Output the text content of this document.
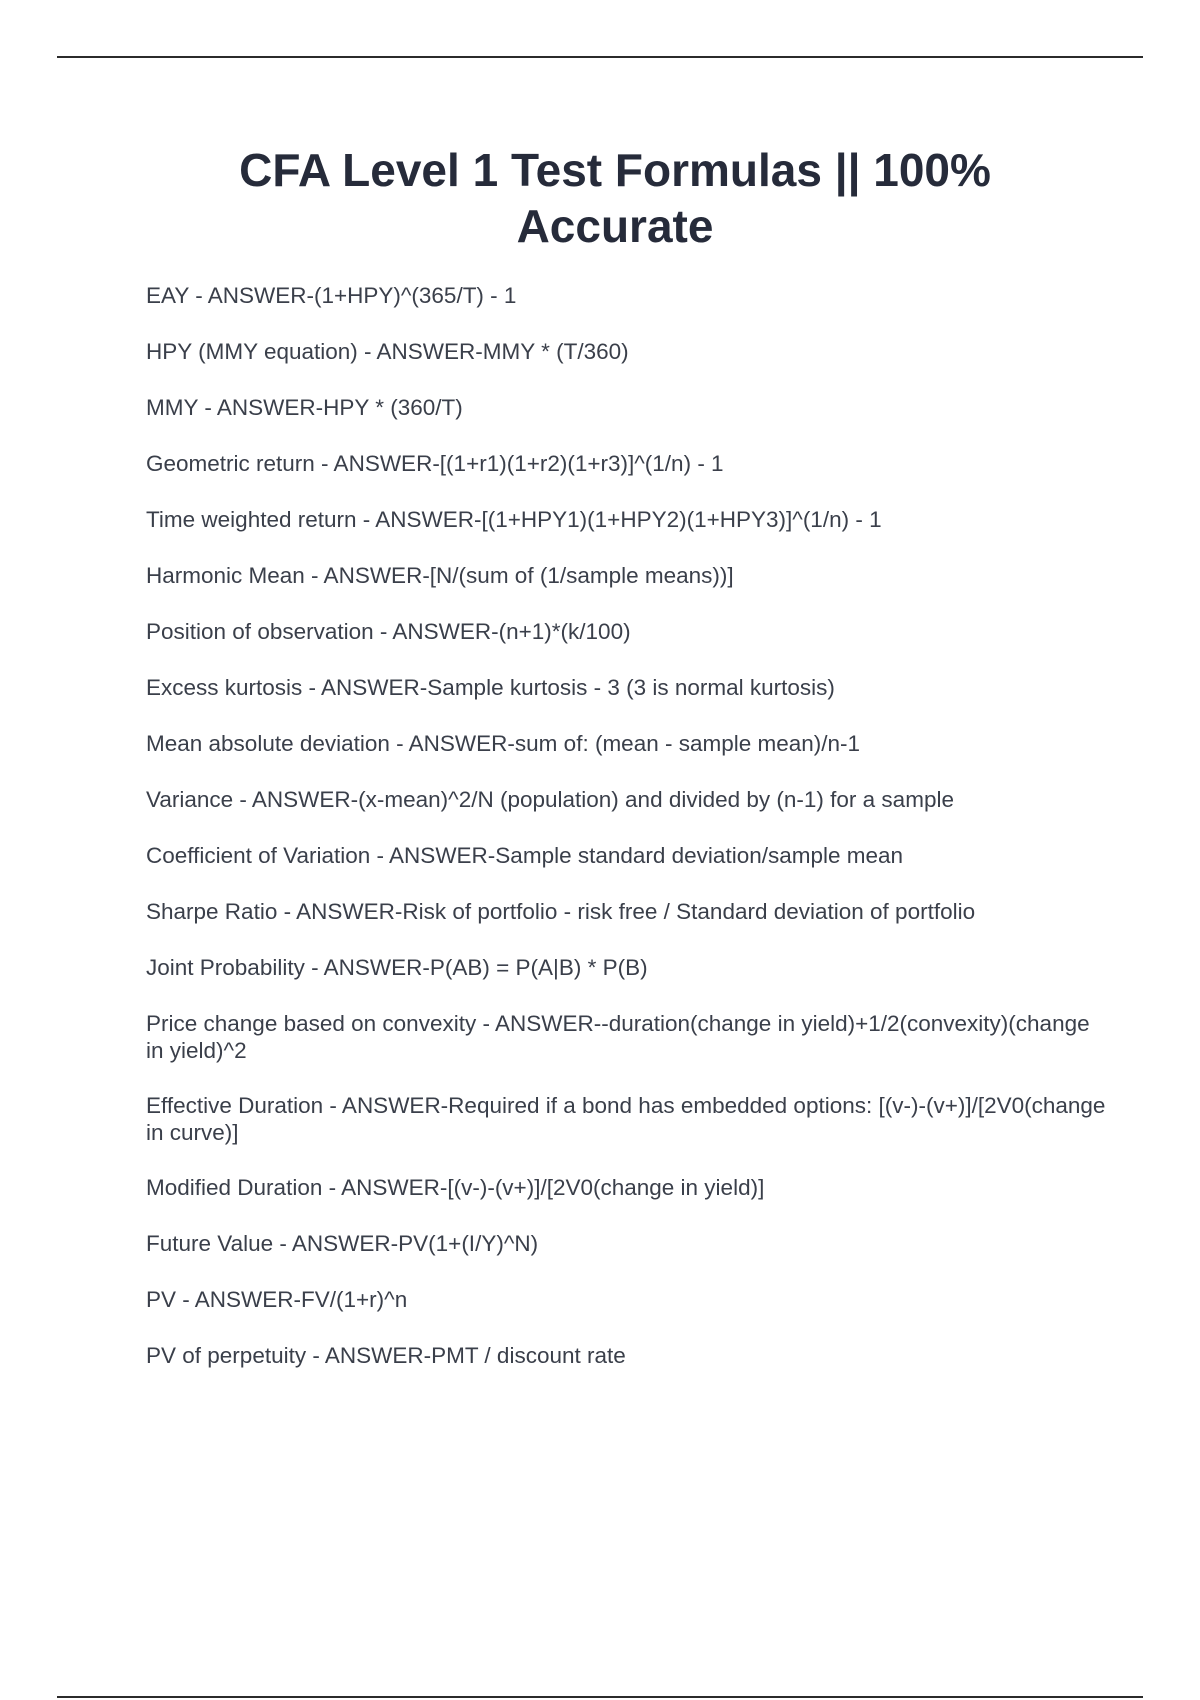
CFA Level 1 Test Formulas || 100% Accurate
EAY - ANSWER-(1+HPY)^(365/T) - 1
HPY (MMY equation) - ANSWER-MMY * (T/360)
MMY - ANSWER-HPY * (360/T)
Geometric return - ANSWER-[(1+r1)(1+r2)(1+r3)]^(1/n) - 1
Time weighted return - ANSWER-[(1+HPY1)(1+HPY2)(1+HPY3)]^(1/n) - 1
Harmonic Mean - ANSWER-[N/(sum of (1/sample means))]
Position of observation - ANSWER-(n+1)*(k/100)
Excess kurtosis - ANSWER-Sample kurtosis - 3 (3 is normal kurtosis)
Mean absolute deviation - ANSWER-sum of: (mean - sample mean)/n-1
Variance - ANSWER-(x-mean)^2/N (population) and divided by (n-1) for a sample
Coefficient of Variation - ANSWER-Sample standard deviation/sample mean
Sharpe Ratio - ANSWER-Risk of portfolio - risk free / Standard deviation of portfolio
Joint Probability - ANSWER-P(AB) = P(A|B) * P(B)
Price change based on convexity - ANSWER--duration(change in yield)+1/2(convexity)(change in yield)^2
Effective Duration - ANSWER-Required if a bond has embedded options: [(v-)-(v+)]/[2V0(change in curve)]
Modified Duration - ANSWER-[(v-)-(v+)]/[2V0(change in yield)]
Future Value - ANSWER-PV(1+(I/Y)^N)
PV - ANSWER-FV/(1+r)^n
PV of perpetuity - ANSWER-PMT / discount rate
